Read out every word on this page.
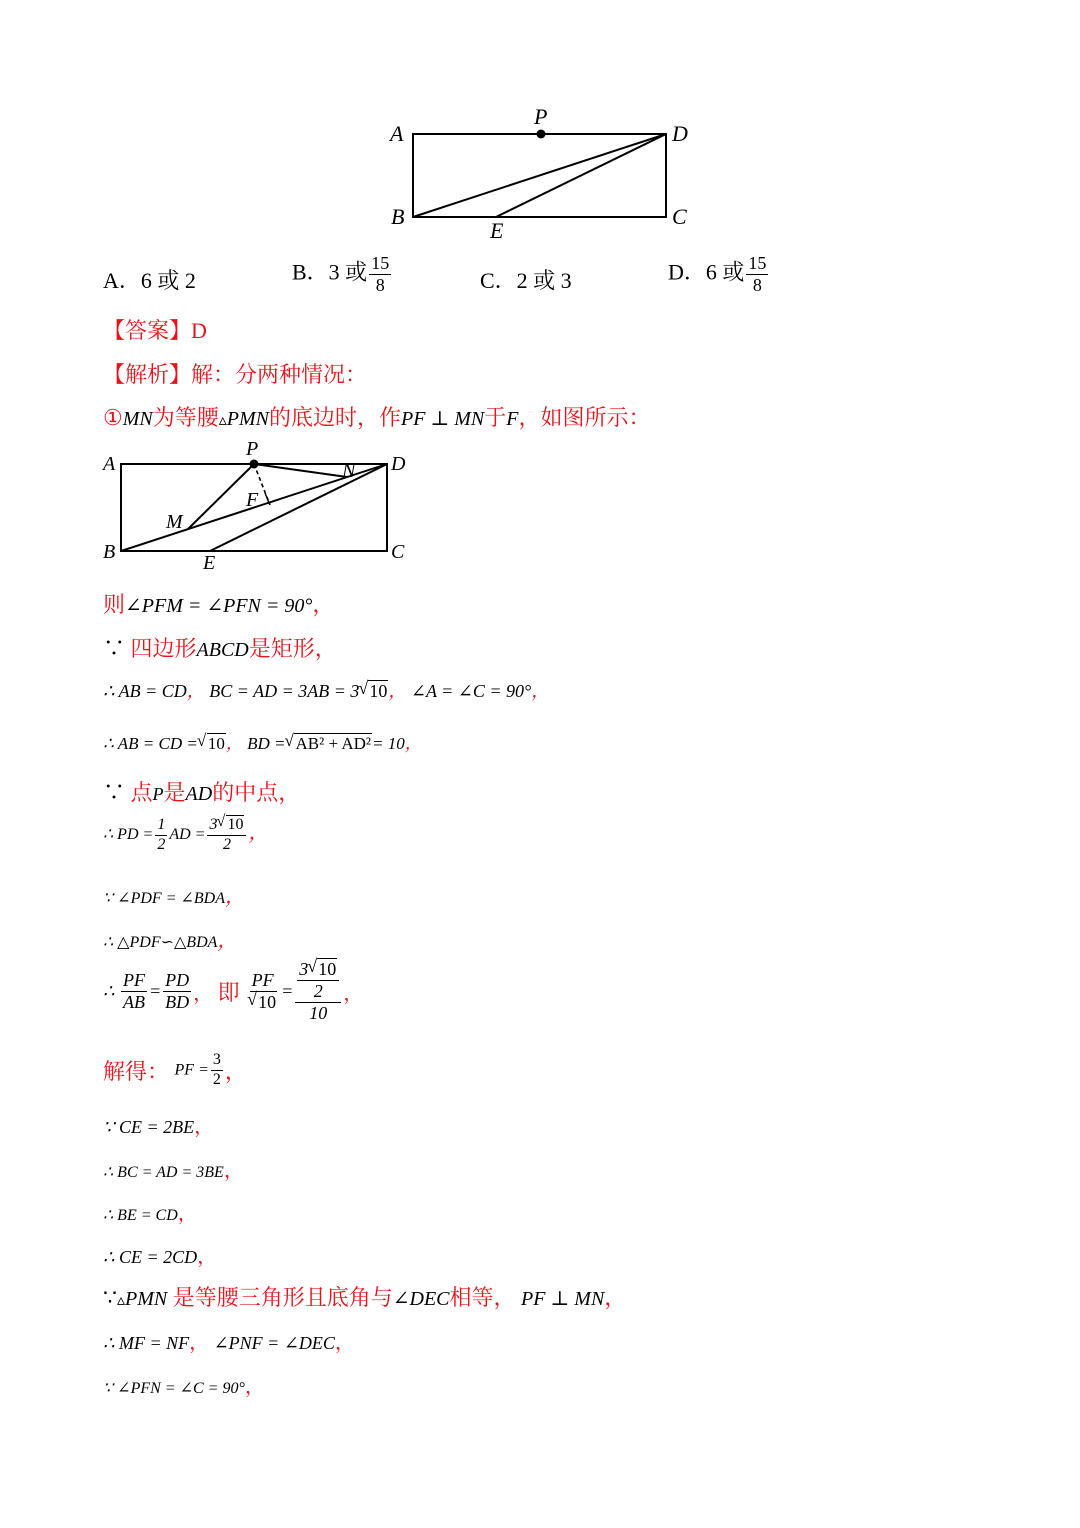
A
P
D
B
E
C
A．6 或 2	B．3 或 $\frac{15}{8}$	C．2 或 3	D．6 或 $\frac{15}{8}$
【答案】D
【解析】解：分两种情况：
①MN为等腰▵PMN的底边时，作PF ⊥ MN于F，如图所示：
A
P
N D
F
M
B	E	C
则∠PFM = ∠PFN = 90°，
∵ 四边形ABCD是矩形，
∴ AB = CD， BC = AD = 3AB = 3 √ 10， ∠A = ∠C = 90°，
∴ AB = CD = √ 10， BD = √ AB² + AD²= 10，
∵ 点P是AD的中点，
∴ PD = $\frac{1}{2}$ AD = $\frac{3 √ 10}{2}$ ，
∵ ∠PDF = ∠BDA，
∴ △PDF∽△BDA，
∴ $\frac{PF}{AB} = \frac{PD}{BD}$ ， 即 $\frac{PF}{√ 10} = \frac{\frac{3 √ 10}{2}}{10}$ ，
解得： PF = $\frac{3}{2}$ ，
∵ CE = 2BE，
∴ BC = AD = 3BE，
∴ BE = CD，
∴ CE = 2CD，
∵▵PMN 是等腰三角形且底角与∠DEC相等， PF ⊥ MN，
∴ MF = NF， ∠PNF = ∠DEC，
∵ ∠PFN = ∠C = 90°，
